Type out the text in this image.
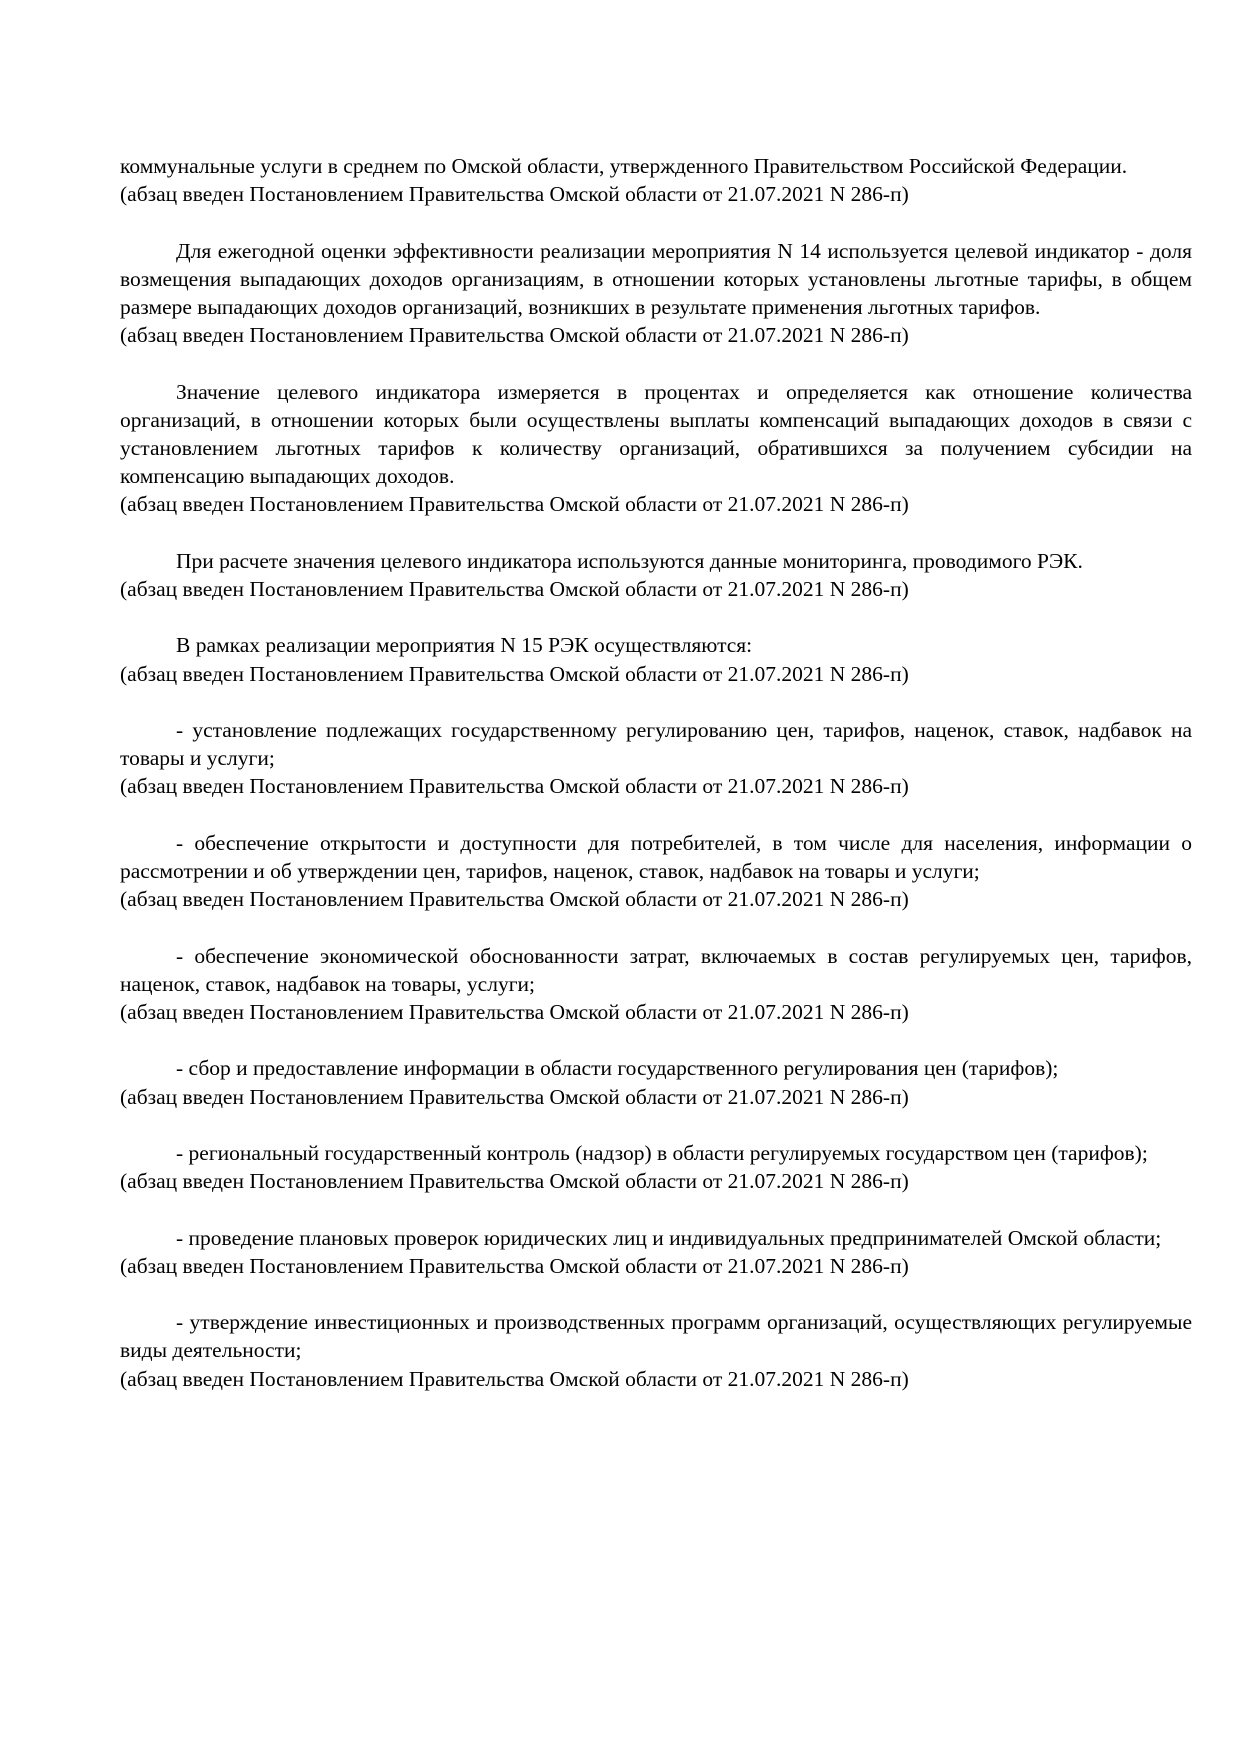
коммунальные услуги в среднем по Омской области, утвержденного Правительством Российской Федерации.

(абзац введен Постановлением Правительства Омской области от 21.07.2021 N 286-п)

Для ежегодной оценки эффективности реализации мероприятия N 14 используется целевой индикатор - доля возмещения выпадающих доходов организациям, в отношении которых установлены льготные тарифы, в общем размере выпадающих доходов организаций, возникших в результате применения льготных тарифов.

(абзац введен Постановлением Правительства Омской области от 21.07.2021 N 286-п)

Значение целевого индикатора измеряется в процентах и определяется как отношение количества организаций, в отношении которых были осуществлены выплаты компенсаций выпадающих доходов в связи с установлением льготных тарифов к количеству организаций, обратившихся за получением субсидии на компенсацию выпадающих доходов.

(абзац введен Постановлением Правительства Омской области от 21.07.2021 N 286-п)

При расчете значения целевого индикатора используются данные мониторинга, проводимого РЭК.

(абзац введен Постановлением Правительства Омской области от 21.07.2021 N 286-п)

В рамках реализации мероприятия N 15 РЭК осуществляются:

(абзац введен Постановлением Правительства Омской области от 21.07.2021 N 286-п)

- установление подлежащих государственному регулированию цен, тарифов, наценок, ставок, надбавок на товары и услуги;

(абзац введен Постановлением Правительства Омской области от 21.07.2021 N 286-п)

- обеспечение открытости и доступности для потребителей, в том числе для населения, информации о рассмотрении и об утверждении цен, тарифов, наценок, ставок, надбавок на товары и услуги;

(абзац введен Постановлением Правительства Омской области от 21.07.2021 N 286-п)

- обеспечение экономической обоснованности затрат, включаемых в состав регулируемых цен, тарифов, наценок, ставок, надбавок на товары, услуги;

(абзац введен Постановлением Правительства Омской области от 21.07.2021 N 286-п)

- сбор и предоставление информации в области государственного регулирования цен (тарифов);

(абзац введен Постановлением Правительства Омской области от 21.07.2021 N 286-п)

- региональный государственный контроль (надзор) в области регулируемых государством цен (тарифов);

(абзац введен Постановлением Правительства Омской области от 21.07.2021 N 286-п)

- проведение плановых проверок юридических лиц и индивидуальных предпринимателей Омской области;

(абзац введен Постановлением Правительства Омской области от 21.07.2021 N 286-п)

- утверждение инвестиционных и производственных программ организаций, осуществляющих регулируемые виды деятельности;

(абзац введен Постановлением Правительства Омской области от 21.07.2021 N 286-п)
